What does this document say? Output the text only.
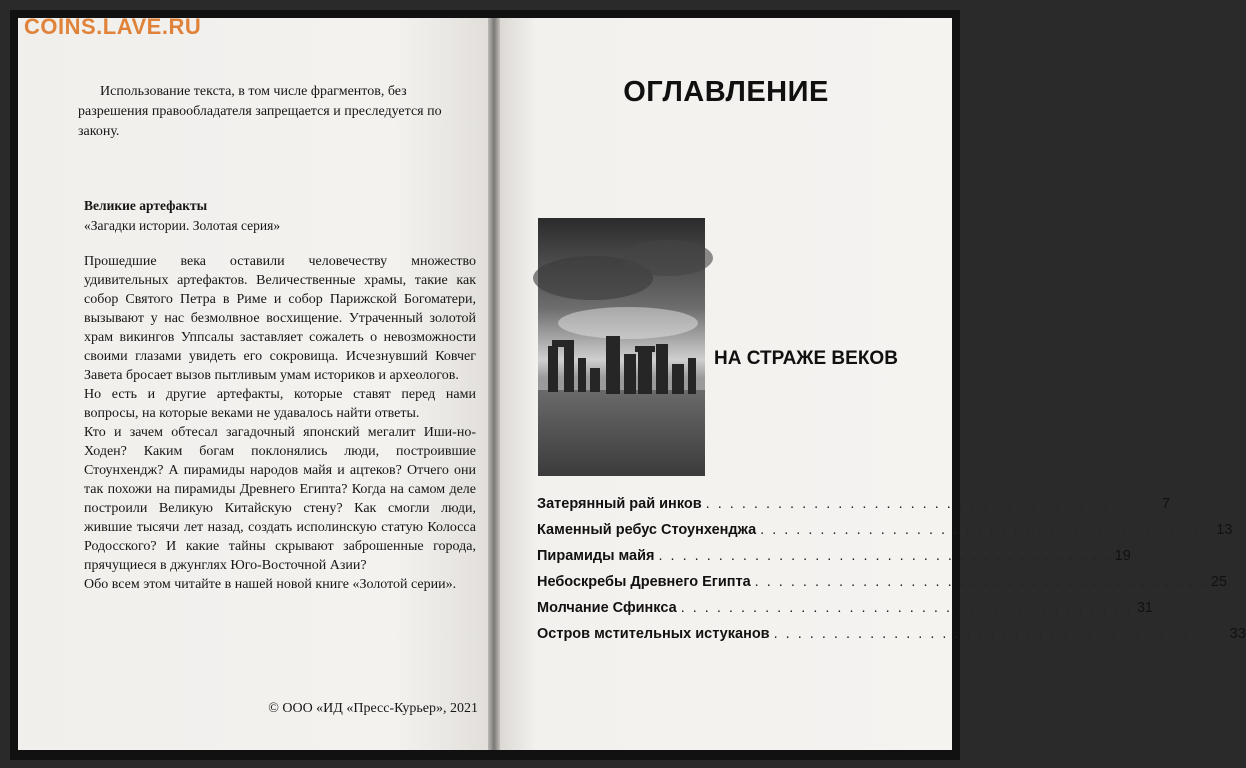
Использование текста, в том числе фрагментов, без разрешения правообладателя запрещается и преследуется по закону.
Великие артефакты
«Загадки истории. Золотая серия»

Прошедшие века оставили человечеству множество удивительных артефактов. Величественные храмы, такие как собор Святого Петра в Риме и собор Парижской Богоматери, вызывают у нас безмолвное восхищение. Утраченный золотой храм викингов Уппсалы заставляет сожалеть о невозможности своими глазами увидеть его сокровища. Исчезнувший Ковчег Завета бросает вызов пытливым умам историков и археологов.

Но есть и другие артефакты, которые ставят перед нами вопросы, на которые веками не удавалось найти ответы.

Кто и зачем обтесал загадочный японский мегалит Иши-но-Ходен? Каким богам поклонялись люди, построившие Стоунхендж? А пирамиды народов майя и ацтеков? Отчего они так похожи на пирамиды Древнего Египта? Когда на самом деле построили Великую Китайскую стену? Как смогли люди, жившие тысячи лет назад, создать исполинскую статую Колосса Родосского? И какие тайны скрывают заброшенные города, прячущиеся в джунглях Юго-Восточной Азии?

Обо всем этом читайте в нашей новой книге «Золотой серии».

© ООО «ИД «Пресс-Курьер», 2021
ОГЛАВЛЕНИЕ
НА СТРАЖЕ ВЕКОВ
Затерянный рай инков . . . . . . . . . . . . . . . . . . . . . . . . . . . . . . . . . . . . . . 7
Каменный ребус Стоунхенджа . . . . . . . . . . . . . . . . . . . . . . . . . . . . . . . . . . . . . . 13
Пирамиды майя . . . . . . . . . . . . . . . . . . . . . . . . . . . . . . . . . . . . . . 19
Небоскребы Древнего Египта . . . . . . . . . . . . . . . . . . . . . . . . . . . . . . . . . . . . . . 25
Молчание Сфинкса . . . . . . . . . . . . . . . . . . . . . . . . . . . . . . . . . . . . . . 31
Остров мстительных истуканов . . . . . . . . . . . . . . . . . . . . . . . . . . . . . . . . . . . . . . 33
COINS.LAVE.RU
